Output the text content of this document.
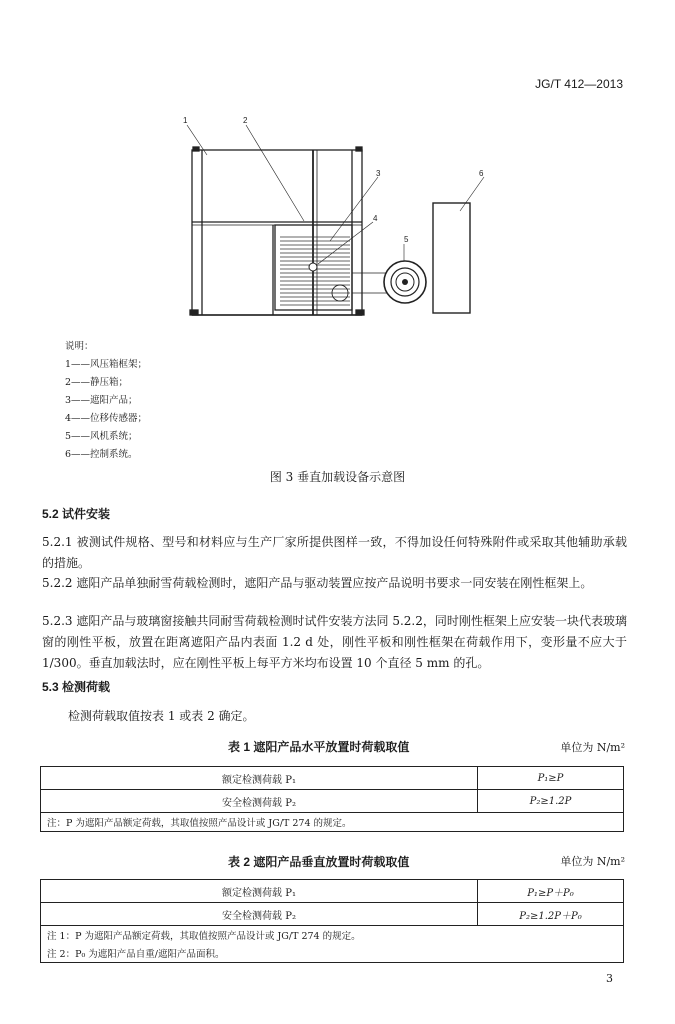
JG/T 412—2013
1	2
3
4
5
6
说明：
1——风压箱框架；
2——静压箱；
3——遮阳产品；
4——位移传感器；
5——风机系统；
6——控制系统。
图 3 垂直加载设备示意图
5.2 试件安装
5.2.1 被测试件规格、型号和材料应与生产厂家所提供图样一致，不得加设任何特殊附件或采取其他辅助承载的措施。
5.2.2 遮阳产品单独耐雪荷载检测时，遮阳产品与驱动装置应按产品说明书要求一同安装在刚性框架上。
5.2.3 遮阳产品与玻璃窗接触共同耐雪荷载检测时试件安装方法同 5.2.2，同时刚性框架上应安装一块代表玻璃窗的刚性平板，放置在距离遮阳产品内表面 1.2 d 处，刚性平板和刚性框架在荷载作用下，变形量不应大于 1/300。垂直加载法时，应在刚性平板上每平方米均布设置 10 个直径 5 mm 的孔。
5.3 检测荷载
检测荷载取值按表 1 或表 2 确定。
表 1 遮阳产品水平放置时荷载取值	单位为 N/m²
额定检测荷载 P₁	P₁≥P
安全检测荷载 P₂	P₂≥1.2P
注：P 为遮阳产品额定荷载，其取值按照产品设计或 JG/T 274 的规定。	
表 2 遮阳产品垂直放置时荷载取值	单位为 N/m²
额定检测荷载 P₁	P₁≥P＋P₀
安全检测荷载 P₂	P₂≥1.2P＋P₀
注 1：P 为遮阳产品额定荷载，其取值按照产品设计或 JG/T 274 的规定。	
注 2：P₀ 为遮阳产品自重/遮阳产品面积。	
3
